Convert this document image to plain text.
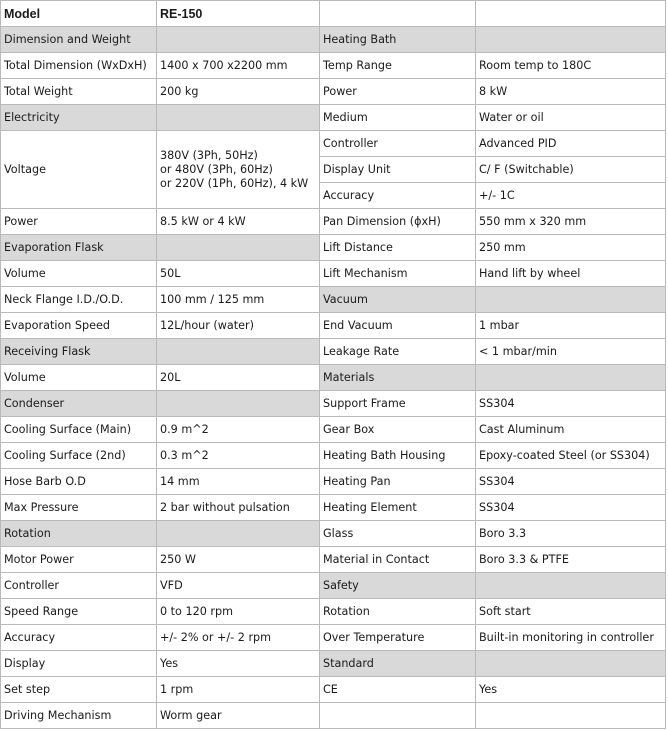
Model	RE-150		
Dimension and Weight		Heating Bath	
Total Dimension (WxDxH)	1400 x 700 x2200 mm	Temp Range	Room temp to 180C
Total Weight	200 kg	Power	8 kW
Electricity		Medium	Water or oil
Voltage	380V (3Ph, 50Hz)
or 480V (3Ph, 60Hz)
or 220V (1Ph, 60Hz), 4 kW	Controller	Advanced PID
		Display Unit	C/ F (Switchable)
		Accuracy	+/- 1C
Power	8.5 kW or 4 kW	Pan Dimension (ϕxH)	550 mm x 320 mm
Evaporation Flask		Lift Distance	250 mm
Volume	50L	Lift Mechanism	Hand lift by wheel
Neck Flange I.D./O.D.	100 mm / 125 mm	Vacuum	
Evaporation Speed	12L/hour (water)	End Vacuum	1 mbar
Receiving Flask		Leakage Rate	< 1 mbar/min
Volume	20L	Materials	
Condenser		Support Frame	SS304
Cooling Surface (Main)	0.9 m^2	Gear Box	Cast Aluminum
Cooling Surface (2nd)	0.3 m^2	Heating Bath Housing	Epoxy-coated Steel (or SS304)
Hose Barb O.D	14 mm	Heating Pan	SS304
Max Pressure	2 bar without pulsation	Heating Element	SS304
Rotation		Glass	Boro 3.3
Motor Power	250 W	Material in Contact	Boro 3.3 & PTFE
Controller	VFD	Safety	
Speed Range	0 to 120 rpm	Rotation	Soft start
Accuracy	+/- 2% or +/- 2 rpm	Over Temperature	Built-in monitoring in controller
Display	Yes	Standard	
Set step	1 rpm	CE	Yes
Driving Mechanism	Worm gear		
